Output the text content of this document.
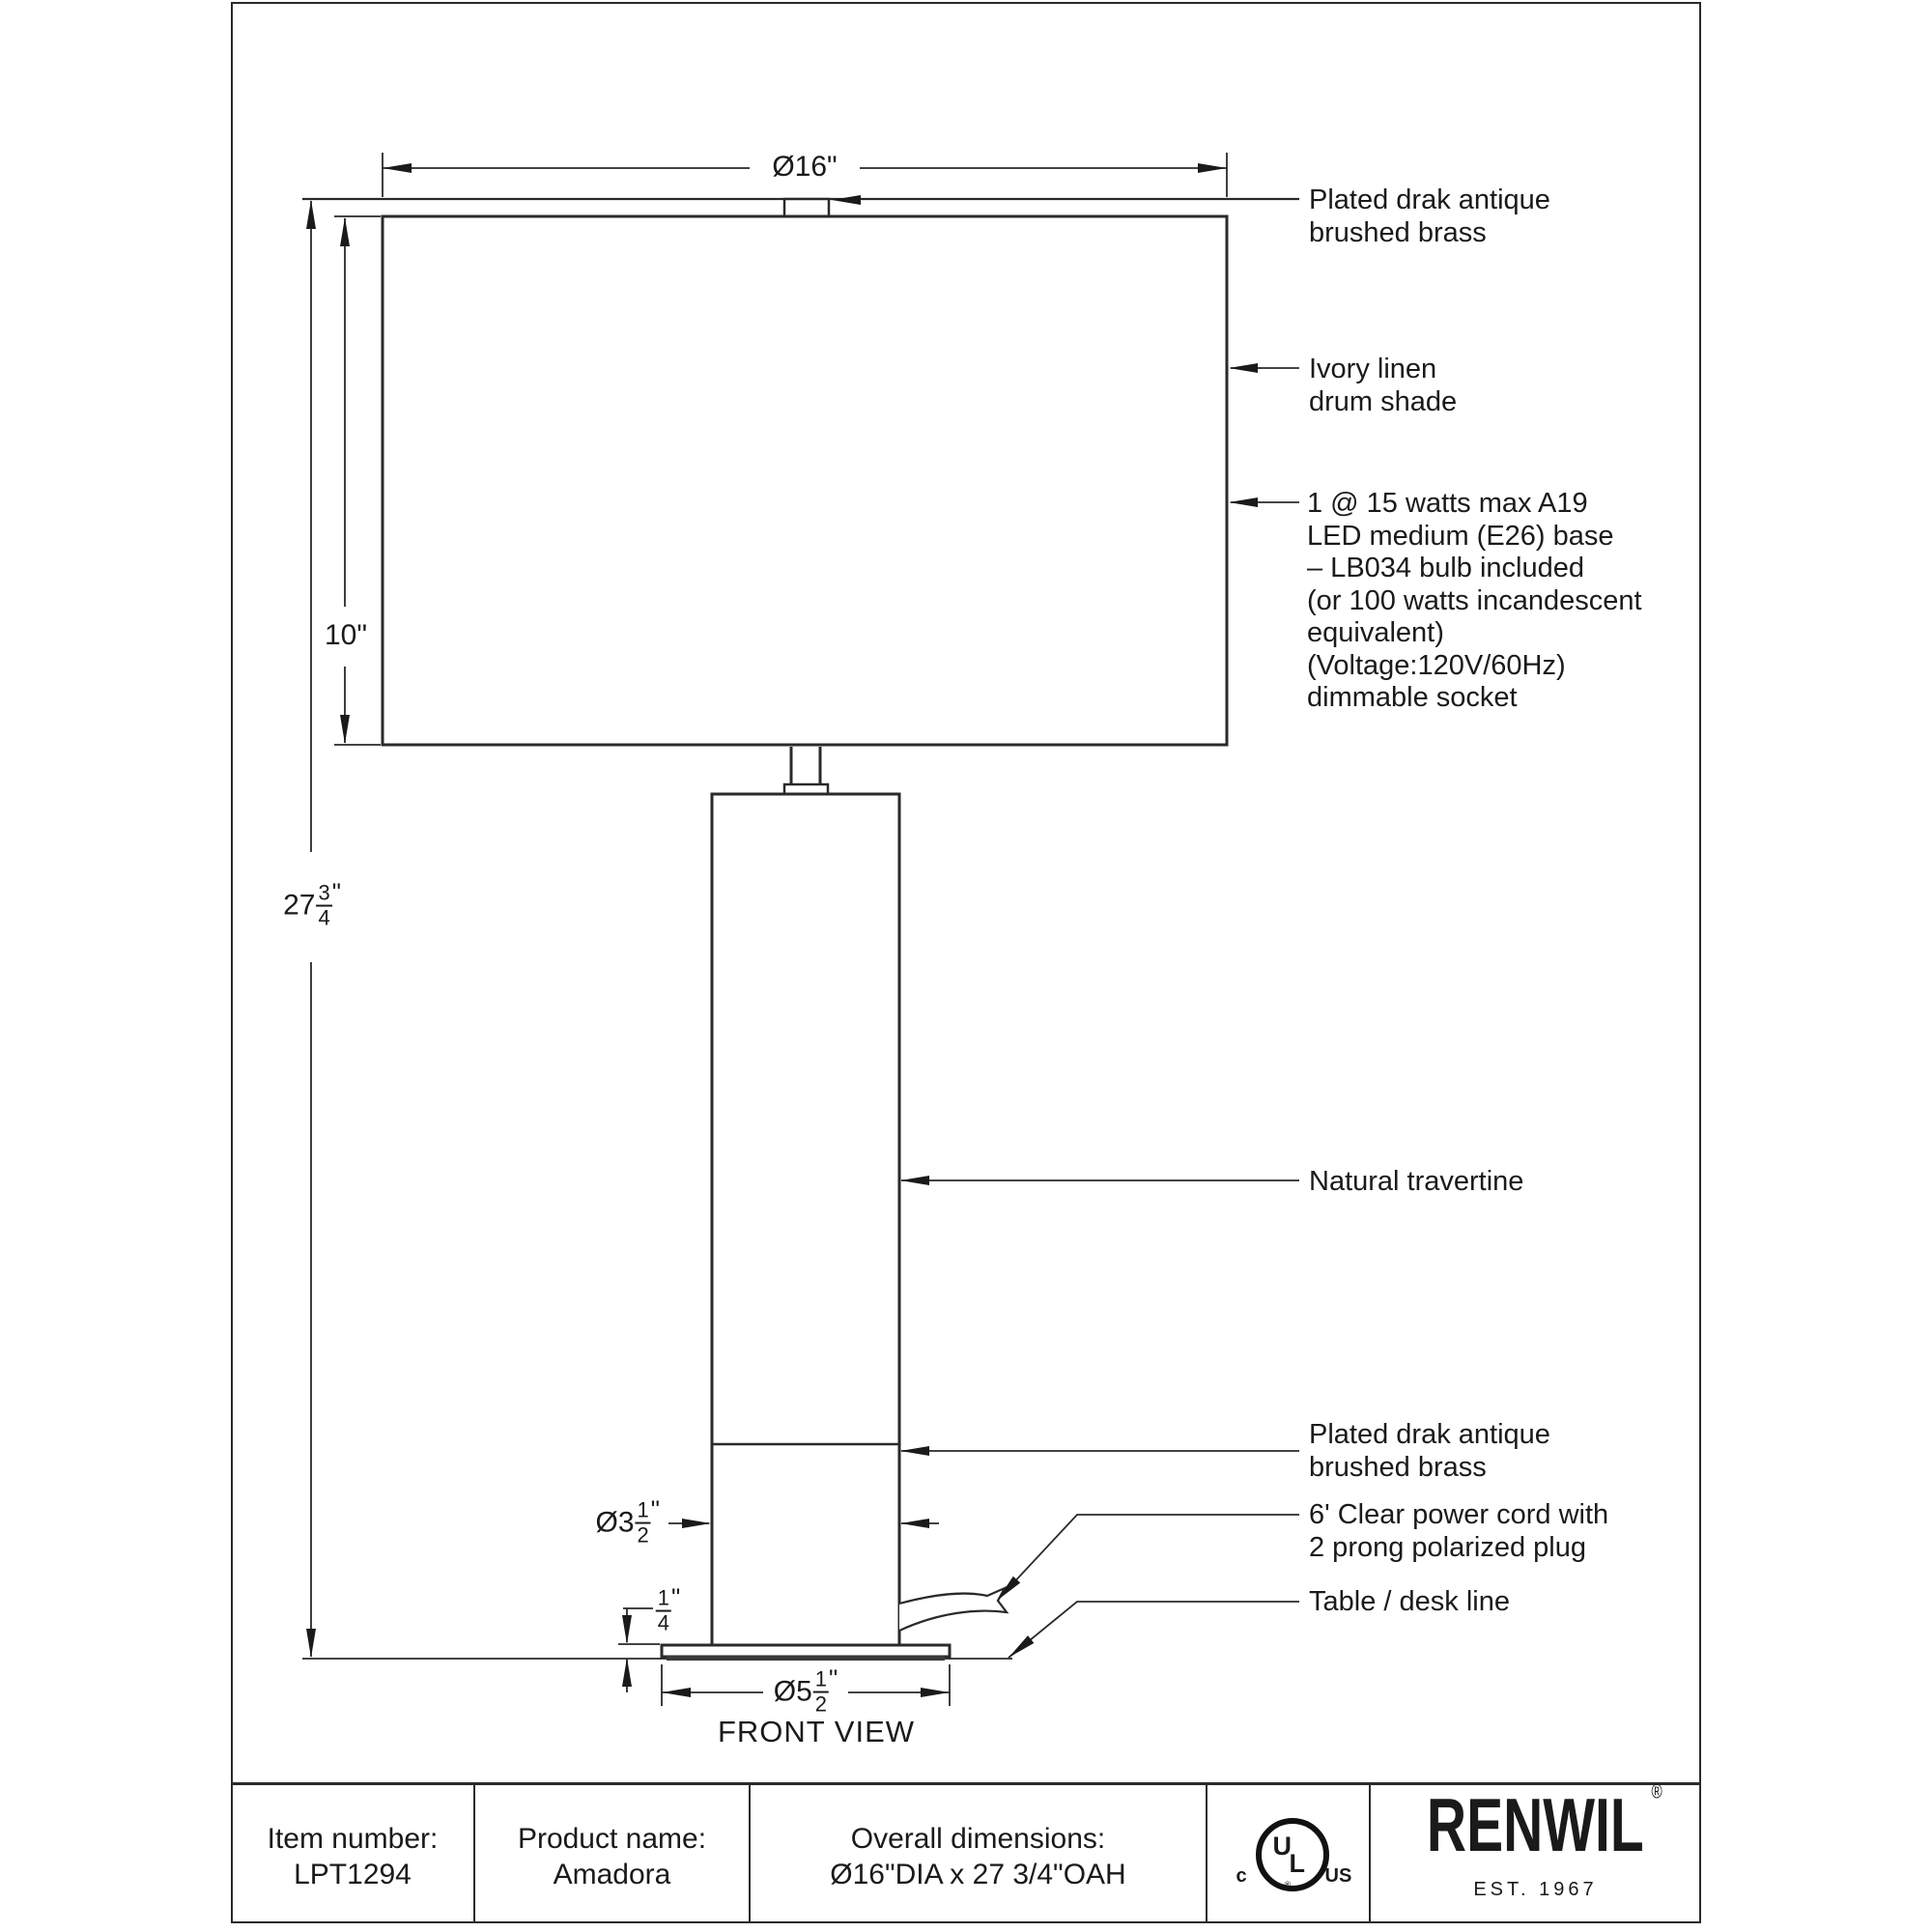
Ø16"
10"
$27 \frac{3}{4}$ "
Ø3 $\frac{1}{2}$ "
$\frac{1}{4}$ "
Ø5 $\frac{1}{2}$ "
FRONT VIEW
Plated drak antique
brushed brass
Ivory linen
drum shade
1 @ 15 watts max A19
LED medium (E26) base
– LB034 bulb included
(or 100 watts incandescent
equivalent)
(Voltage:120V/60Hz)
dimmable socket
Natural travertine
Plated drak antique
brushed brass
6' Clear power cord with
2 prong polarized plug
Table / desk line
Item number:
LPT1294
Product name:
Amadora
Overall dimensions:
Ø16"DIA x 27 3/4"OAH	c
U
L
® US
RENWIL ®
EST. 1967
